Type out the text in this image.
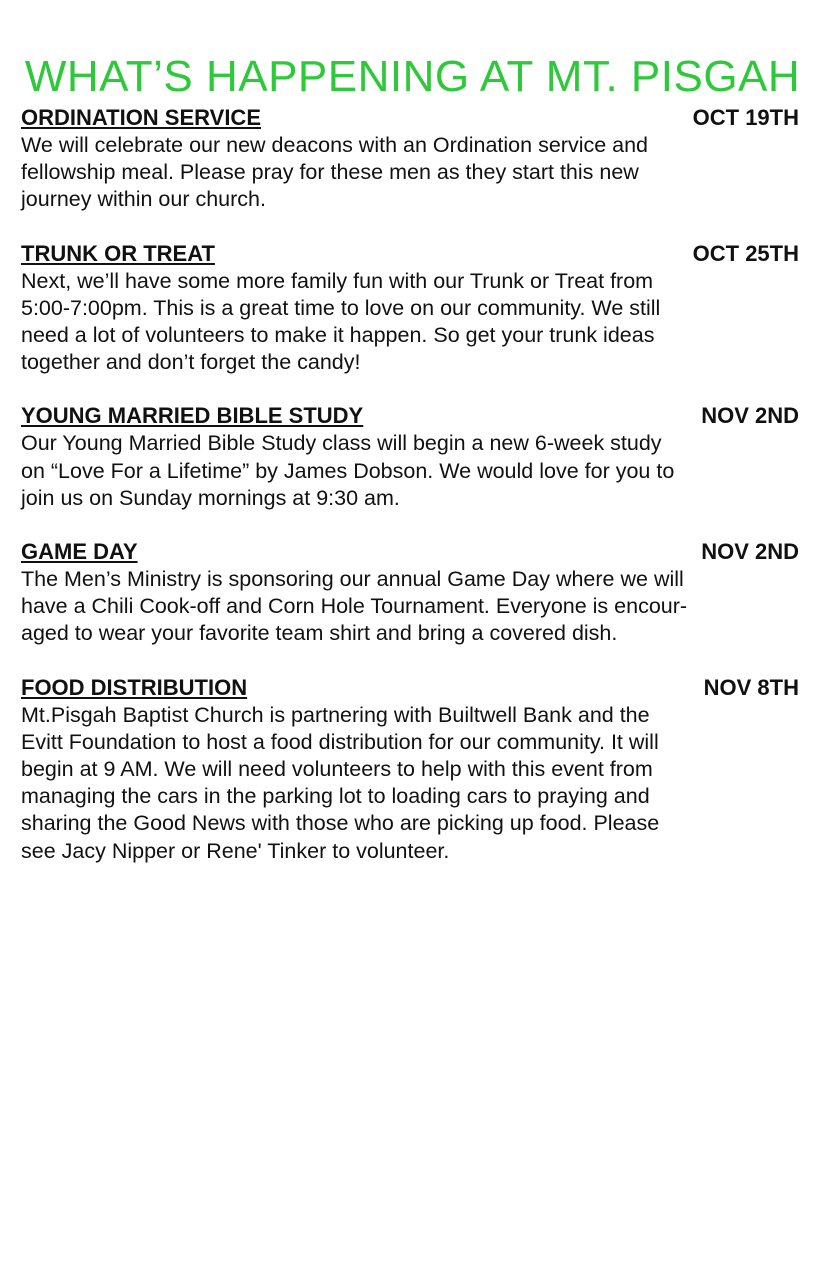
WHAT’S HAPPENING AT MT. PISGAH
ORDINATION SERVICE	OCT 19TH
We will celebrate our new deacons with an Ordination service and
fellowship meal. Please pray for these men as they start this new
journey within our church.
TRUNK OR TREAT	OCT 25TH
Next, we’ll have some more family fun with our Trunk or Treat from
5:00-7:00pm. This is a great time to love on our community. We still
need a lot of volunteers to make it happen. So get your trunk ideas
together and don’t forget the candy!
YOUNG MARRIED BIBLE STUDY	NOV 2ND
Our Young Married Bible Study class will begin a new 6-week study
on “Love For a Lifetime” by James Dobson. We would love for you to
join us on Sunday mornings at 9:30 am.
GAME DAY	NOV 2ND
The Men’s Ministry is sponsoring our annual Game Day where we will
have a Chili Cook-off and Corn Hole Tournament. Everyone is encour-
aged to wear your favorite team shirt and bring a covered dish.
FOOD DISTRIBUTION	NOV 8TH
Mt.Pisgah Baptist Church is partnering with Builtwell Bank and the
Evitt Foundation to host a food distribution for our community. It will
begin at 9 AM. We will need volunteers to help with this event from
managing the cars in the parking lot to loading cars to praying and
sharing the Good News with those who are picking up food. Please
see Jacy Nipper or Rene' Tinker to volunteer.
